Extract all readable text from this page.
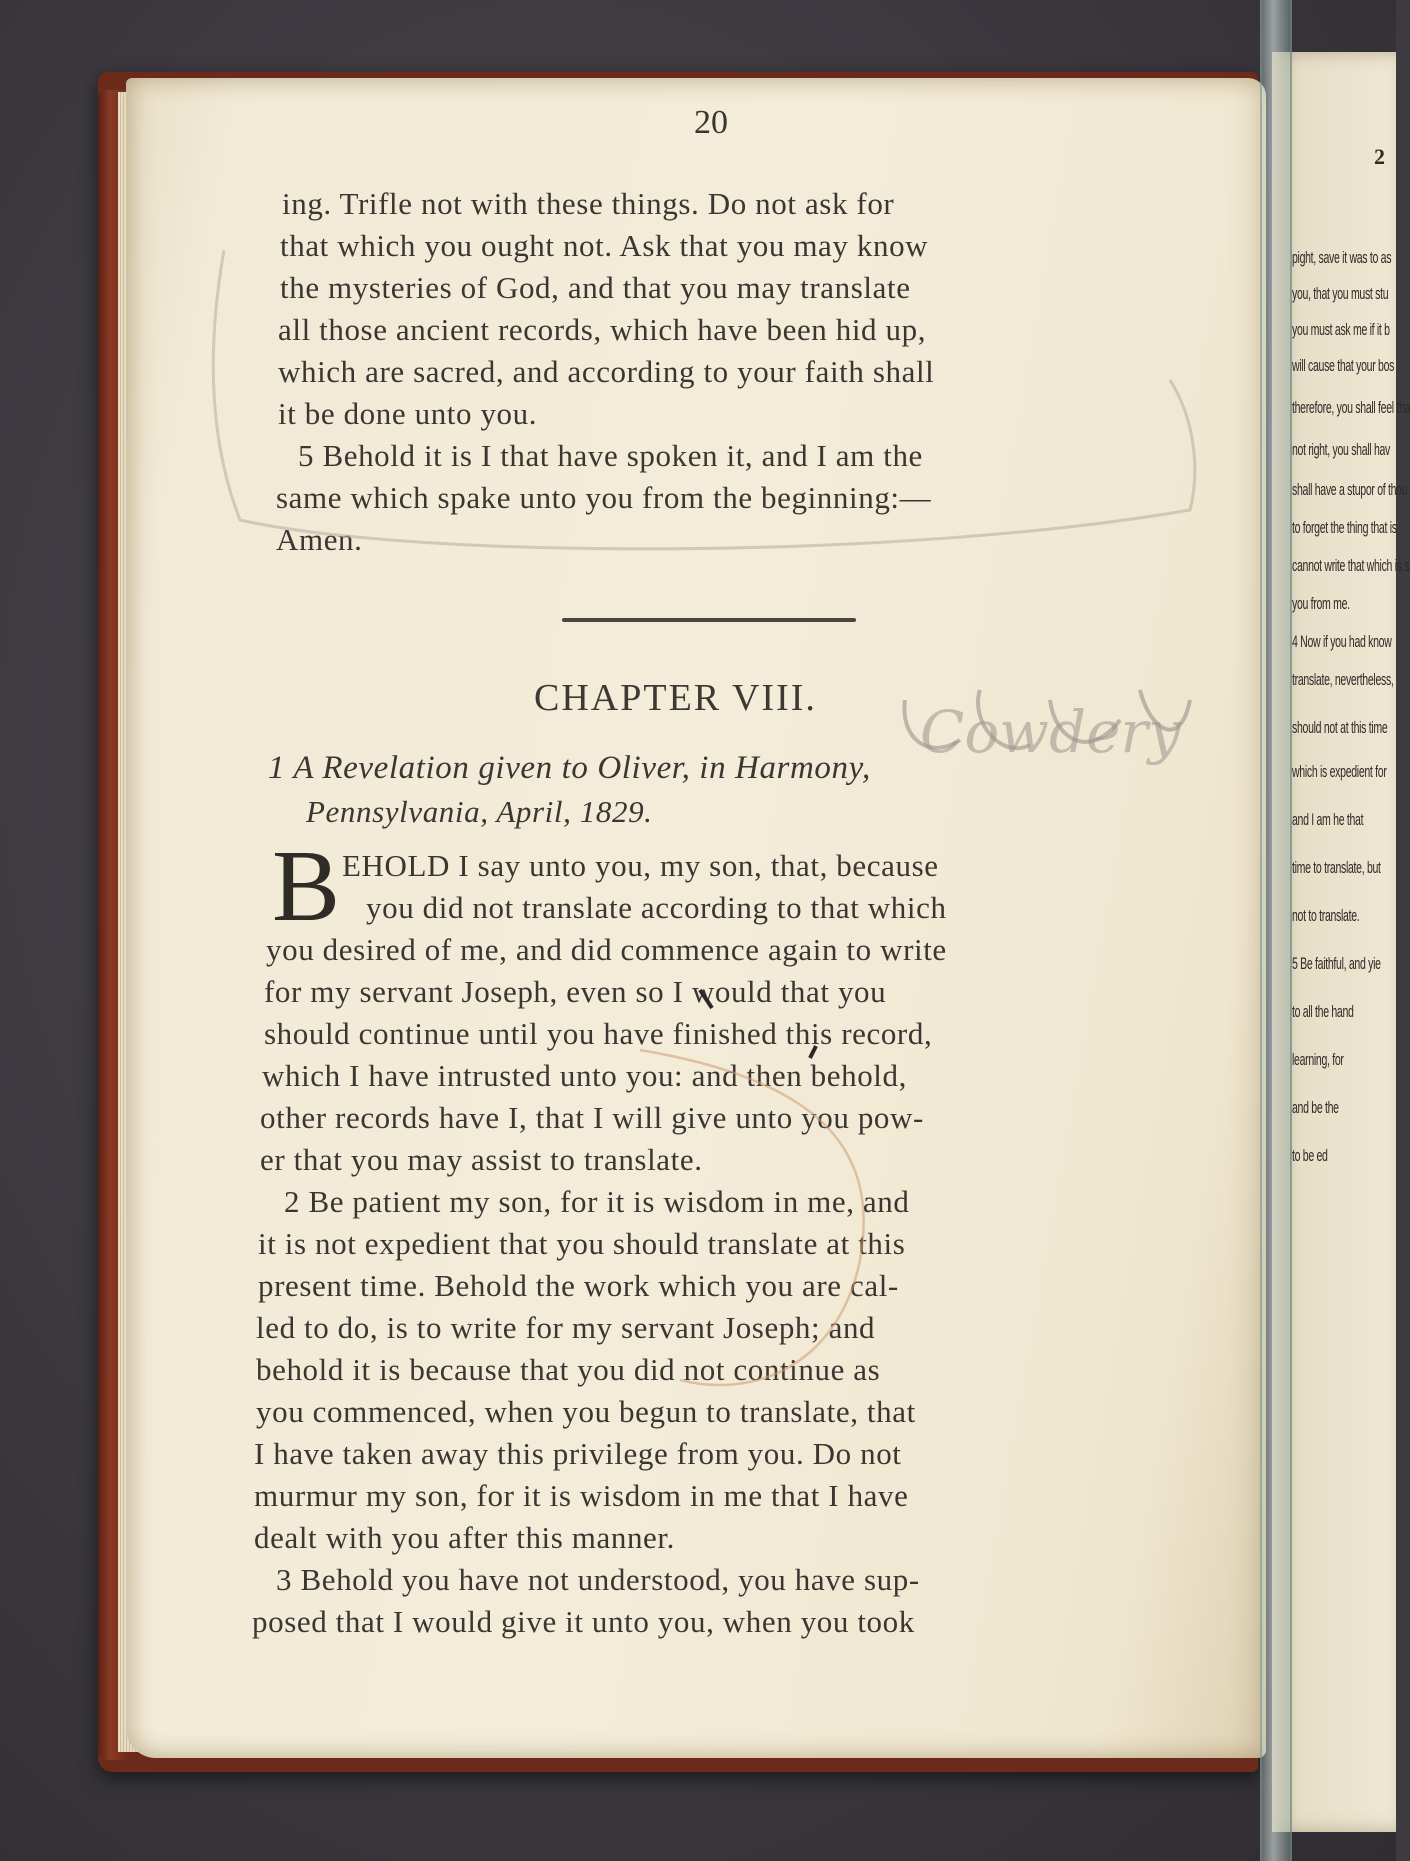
2
pight, save it was to as
you, that you must stu
you must ask me if it b
will cause that your bos
therefore, you shall feel tha
not right, you shall hav
shall have a stupor of thou
to forget the thing that is
cannot write that which is s
you from me.
4 Now if you had know
translate, nevertheless,
should not at this time
which is expedient for
and I am he that
time to translate, but
not to translate.
5 Be faithful, and yie
to all the hand
learning, for
and be the
to be ed
20
ing. Trifle not with these things. Do not ask for
that which you ought not. Ask that you may know
the mysteries of God, and that you may translate
all those ancient records, which have been hid up,
which are sacred, and according to your faith shall
it be done unto you.
5 Behold it is I that have spoken it, and I am the
same which spake unto you from the beginning:—
Amen.
CHAPTER VIII.
1 A Revelation given to Oliver, in Harmony,
Pennsylvania, April, 1829.
B EHOLD I say unto you, my son, that, because
you did not translate according to that which
you desired of me, and did commence again to write
for my servant Joseph, even so I would that you
should continue until you have finished this record,
which I have intrusted unto you: and then behold,
other records have I, that I will give unto you pow-
er that you may assist to translate.
2 Be patient my son, for it is wisdom in me, and
it is not expedient that you should translate at this
present time. Behold the work which you are cal-
led to do, is to write for my servant Joseph; and
behold it is because that you did not continue as
you commenced, when you begun to translate, that
I have taken away this privilege from you. Do not
murmur my son, for it is wisdom in me that I have
dealt with you after this manner.
3 Behold you have not understood, you have sup-
posed that I would give it unto you, when you took
Cowdery
